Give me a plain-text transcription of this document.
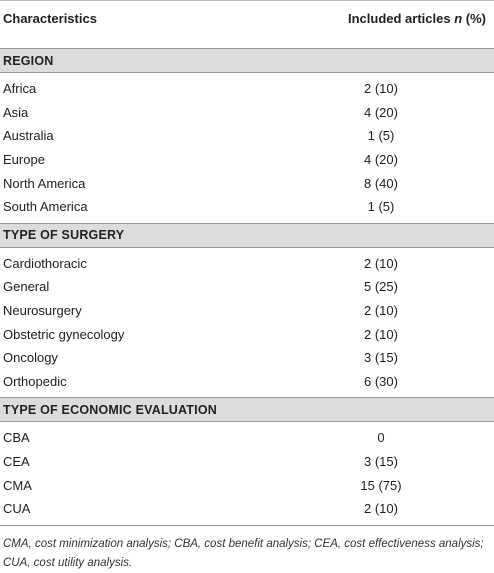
Characteristics	Included articles n (%)
REGION
Africa	2 (10)
Asia	4 (20)
Australia	1 (5)
Europe	4 (20)
North America	8 (40)
South America	1 (5)
TYPE OF SURGERY
Cardiothoracic	2 (10)
General	5 (25)
Neurosurgery	2 (10)
Obstetric gynecology	2 (10)
Oncology	3 (15)
Orthopedic	6 (30)
TYPE OF ECONOMIC EVALUATION
CBA	0
CEA	3 (15)
CMA	15 (75)
CUA	2 (10)
CMA, cost minimization analysis; CBA, cost benefit analysis; CEA, cost effectiveness analysis; CUA, cost utility analysis.
